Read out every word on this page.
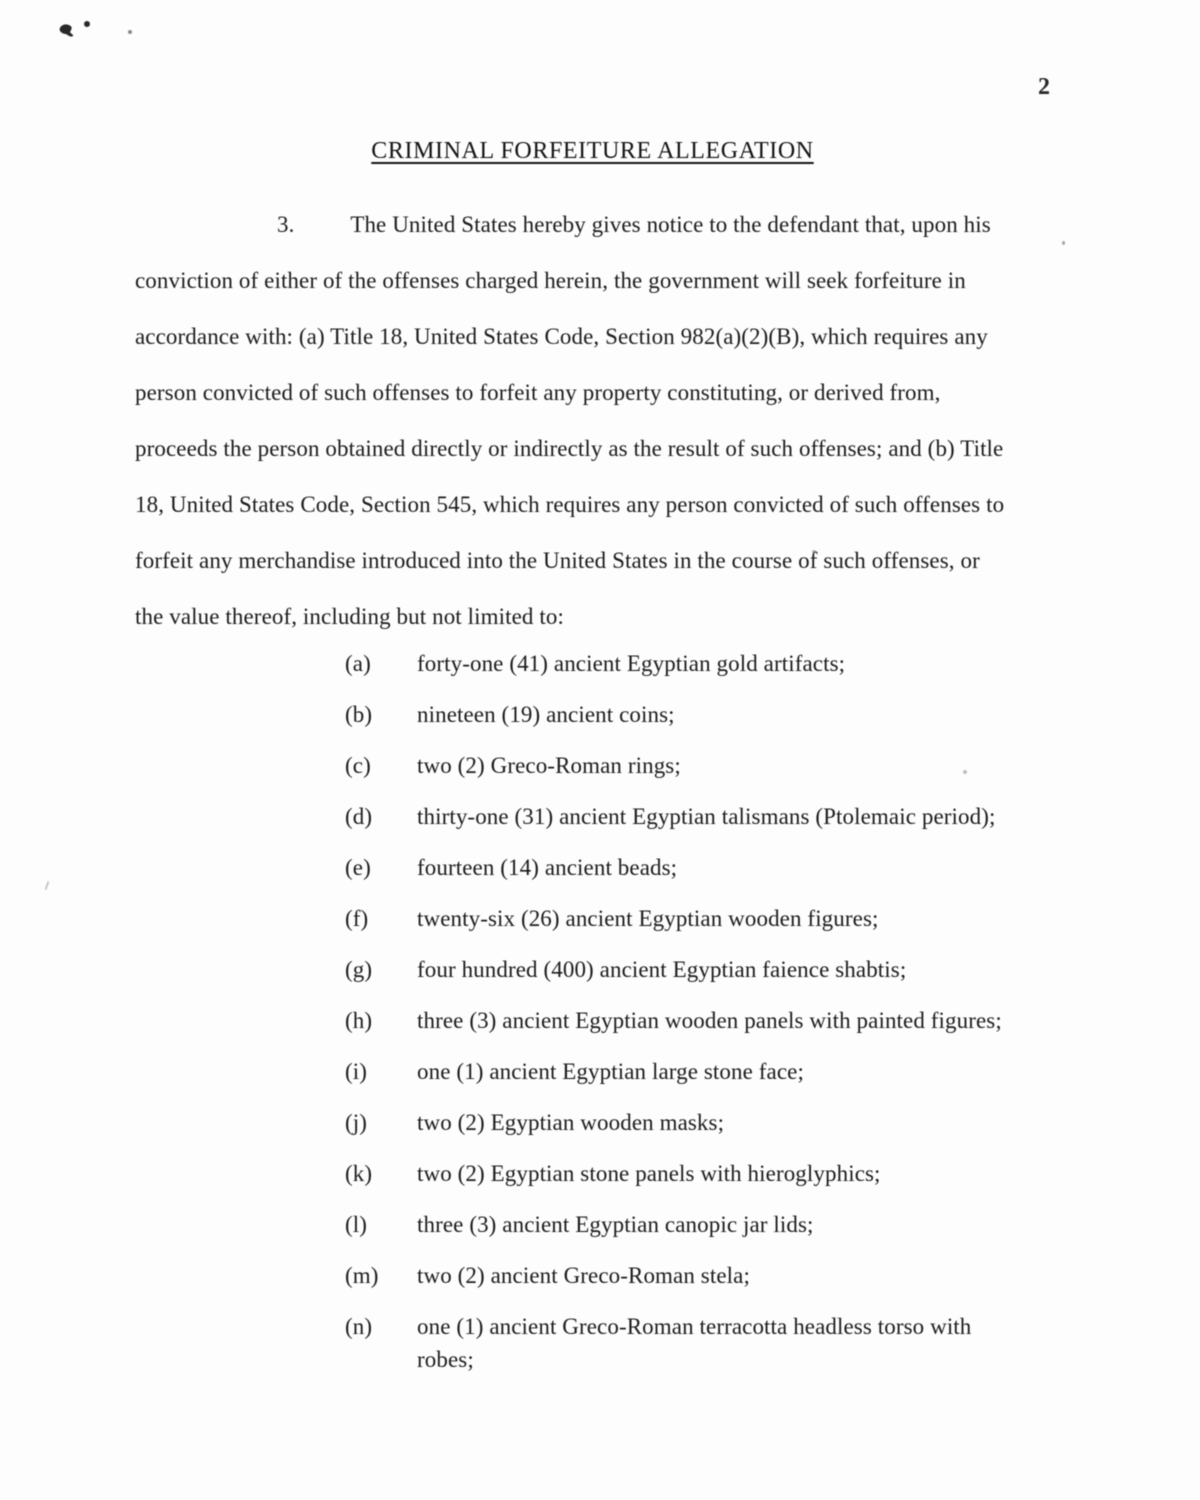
2
CRIMINAL FORFEITURE ALLEGATION
3. The United States hereby gives notice to the defendant that, upon his
conviction of either of the offenses charged herein, the government will seek forfeiture in
accordance with: (a) Title 18, United States Code, Section 982(a)(2)(B), which requires any
person convicted of such offenses to forfeit any property constituting, or derived from,
proceeds the person obtained directly or indirectly as the result of such offenses; and (b) Title
18, United States Code, Section 545, which requires any person convicted of such offenses to
forfeit any merchandise introduced into the United States in the course of such offenses, or
the value thereof, including but not limited to:
(a)	forty-one (41) ancient Egyptian gold artifacts;
(b)	nineteen (19) ancient coins;
(c)	two (2) Greco-Roman rings;
(d)	thirty-one (31) ancient Egyptian talismans (Ptolemaic period);
(e)	fourteen (14) ancient beads;
(f)	twenty-six (26) ancient Egyptian wooden figures;
(g)	four hundred (400) ancient Egyptian faience shabtis;
(h)	three (3) ancient Egyptian wooden panels with painted figures;
(i)	one (1) ancient Egyptian large stone face;
(j)	two (2) Egyptian wooden masks;
(k)	two (2) Egyptian stone panels with hieroglyphics;
(l)	three (3) ancient Egyptian canopic jar lids;
(m)	two (2) ancient Greco-Roman stela;
(n)	one (1) ancient Greco-Roman terracotta headless torso with robes;
